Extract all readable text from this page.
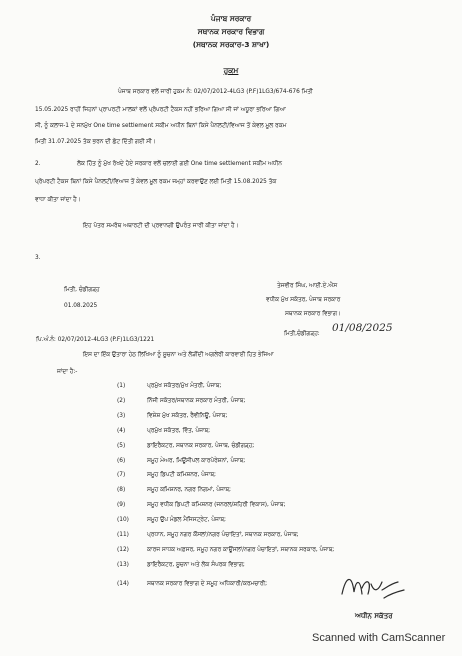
ਪੰਜਾਬ ਸਰਕਾਰ
ਸਥਾਨਕ ਸਰਕਾਰ ਵਿਭਾਗ
(ਸਥਾਨਕ ਸਰਕਾਰ-3 ਸ਼ਾਖਾ)
ਹੁਕਮ
ਪੰਜਾਬ ਸਰਕਾਰ ਵਲੋਂ ਜਾਰੀ ਹੁਕਮ ਨੰ: 02/07/2012-4LG3 (P.F)1LG3/674-676 ਮਿਤੀ
15.05.2025 ਰਾਹੀਂ ਜਿਹਨਾਂ ਪ੍ਰਾਪਰਟੀ ਮਾਲਕਾਂ ਵਲੋਂ ਪ੍ਰੋਪਰਟੀ ਟੈਕਸ ਨਹੀਂ ਭਰਿਆ ਗਿਆ ਸੀ ਜਾਂ ਅਧੂਰਾ ਭਰਿਆ ਗਿਆ
ਸੀ, ਨੂੰ ਕਲਾਜ-1 ਦੇ ਸਨਮੁੱਖ One time settlement ਸਕੀਮ ਅਧੀਨ ਬਿਨਾਂ ਕਿਸੇ ਪੈਨਲਟੀ/ਵਿਆਜ ਤੋਂ ਕੇਵਲ ਮੂਲ ਰਕਮ
ਮਿਤੀ 31.07.2025 ਤੱਕ ਭਰਨ ਦੀ ਛੋਟ ਦਿੱਤੀ ਗਈ ਸੀ।
2.	ਲੋਕ ਹਿੱਤ ਨੂੰ ਮੁੱਖ ਰੱਖਦੇ ਹੋਏ ਸਰਕਾਰ ਵਲੋਂ ਚਲਾਈ ਗਈ One time settlement ਸਕੀਮ ਅਧੀਨ
ਪ੍ਰੋਪਰਟੀ ਟੈਕਸ ਬਿਨਾਂ ਕਿਸੇ ਪੈਨਲਟੀ/ਵਿਆਜ ਤੋਂ ਕੇਵਲ ਮੂਲ ਰਕਮ ਜਮ੍ਹਾਂ ਕਰਵਾਉਣ ਲਈ ਮਿਤੀ 15.08.2025 ਤੱਕ
ਵਾਧਾ ਕੀਤਾ ਜਾਂਦਾ ਹੈ।
ਇਹ ਪੱਤਰ ਸਮਰੱਥ ਅਥਾਰਟੀ ਦੀ ਪ੍ਰਵਾਨਗੀ ਉਪਰੰਤ ਜਾਰੀ ਕੀਤਾ ਜਾਂਦਾ ਹੈ।
3.
ਮਿਤੀ, ਚੰਡੀਗੜ੍ਹ
01.08.2025
ਤੇਜਵੀਰ ਸਿੰਘ, ਆਈ.ਏ.ਐਸ
ਵਧੀਕ ਮੁੱਖ ਸਕੱਤਰ, ਪੰਜਾਬ ਸਰਕਾਰ
ਸਥਾਨਕ ਸਰਕਾਰ ਵਿਭਾਗ।
ਪਿ.ਅੰ.ਨੰ: 02/07/2012-4LG3 (P.F)1LG3/1221
ਮਿਤੀ,ਚੰਡੀਗੜ੍ਹ: 01/08/2025
ਇਸ ਦਾ ਇੱਕ ਉਤਾਰਾ ਹੇਠ ਲਿਖਿਆ ਨੂੰ ਸੂਚਨਾ ਅਤੇ ਲੋੜੀਂਦੀ ਅਗਲੇਰੀ ਕਾਰਵਾਈ ਹਿਤ ਭੇਜਿਆ
ਜਾਂਦਾ ਹੈ:-
(1)	ਪ੍ਰਮੁੱਖ ਸਕੱਤਰ/ਮੁੱਖ ਮੰਤਰੀ, ਪੰਜਾਬ;
(2)	ਨਿੱਜੀ ਸਕੱਤਰ/ਸਥਾਨਕ ਸਰਕਾਰ ਮੰਤਰੀ, ਪੰਜਾਬ;
(3)	ਵਿਸ਼ੇਸ਼ ਮੁੱਖ ਸਕੱਤਰ, ਰੈਵੀਨਿਊ, ਪੰਜਾਬ;
(4)	ਪ੍ਰਮੁੱਖ ਸਕੱਤਰ, ਵਿੱਤ, ਪੰਜਾਬ;
(5)	ਡਾਇਰੈਕਟਰ, ਸਥਾਨਕ ਸਰਕਾਰ, ਪੰਜਾਬ, ਚੰਡੀਗੜ੍ਹ;
(6)	ਸਮੂਹ ਮੇਅਰ, ਮਿਊਂਸੀਪਲ ਕਾਰਪੋਰੇਸ਼ਨਾਂ, ਪੰਜਾਬ;
(7)	ਸਮੂਹ ਡਿਪਟੀ ਕਮਿਸ਼ਨਰ, ਪੰਜਾਬ;
(8)	ਸਮੂਹ ਕਮਿਸ਼ਨਰ, ਨਗਰ ਨਿਗਮਾਂ, ਪੰਜਾਬ;
(9)	ਸਮੂਹ ਵਧੀਕ ਡਿਪਟੀ ਕਮਿਸ਼ਨਰ (ਜਨਰਲ/ਸ਼ਹਿਰੀ ਵਿਕਾਸ), ਪੰਜਾਬ;
(10)	ਸਮੂਹ ਉਪ ਮੰਡਲ ਮੈਜਿਸਟ੍ਰੇਟ, ਪੰਜਾਬ;
(11)	ਪ੍ਰਧਾਨ, ਸਮੂਹ ਨਗਰ ਕੌਂਸਲਾਂ/ਨਗਰ ਪੰਚਾਇਤਾਂ, ਸਥਾਨਕ ਸਰਕਾਰ, ਪੰਜਾਬ;
(12)	ਕਾਰਜ ਸਾਧਕ ਅਫ਼ਸਰ, ਸਮੂਹ ਨਗਰ ਕਾਊਂਸਲਾਂ/ਨਗਰ ਪੰਚਾਇਤਾਂ, ਸਥਾਨਕ ਸਰਕਾਰ, ਪੰਜਾਬ;
(13)	ਡਾਇਰੈਕਟਰ, ਸੂਚਨਾ ਅਤੇ ਲੋਕ ਸੰਪਰਕ ਵਿਭਾਗ;
(14)	ਸਥਾਨਕ ਸਰਕਾਰ ਵਿਭਾਗ ਦੇ ਸਮੂਹ ਅਧਿਕਾਰੀ/ਕਰਮਚਾਰੀ;
ਅਧੀਨ ਸਕੱਤਰ
Scanned with CamScanner
